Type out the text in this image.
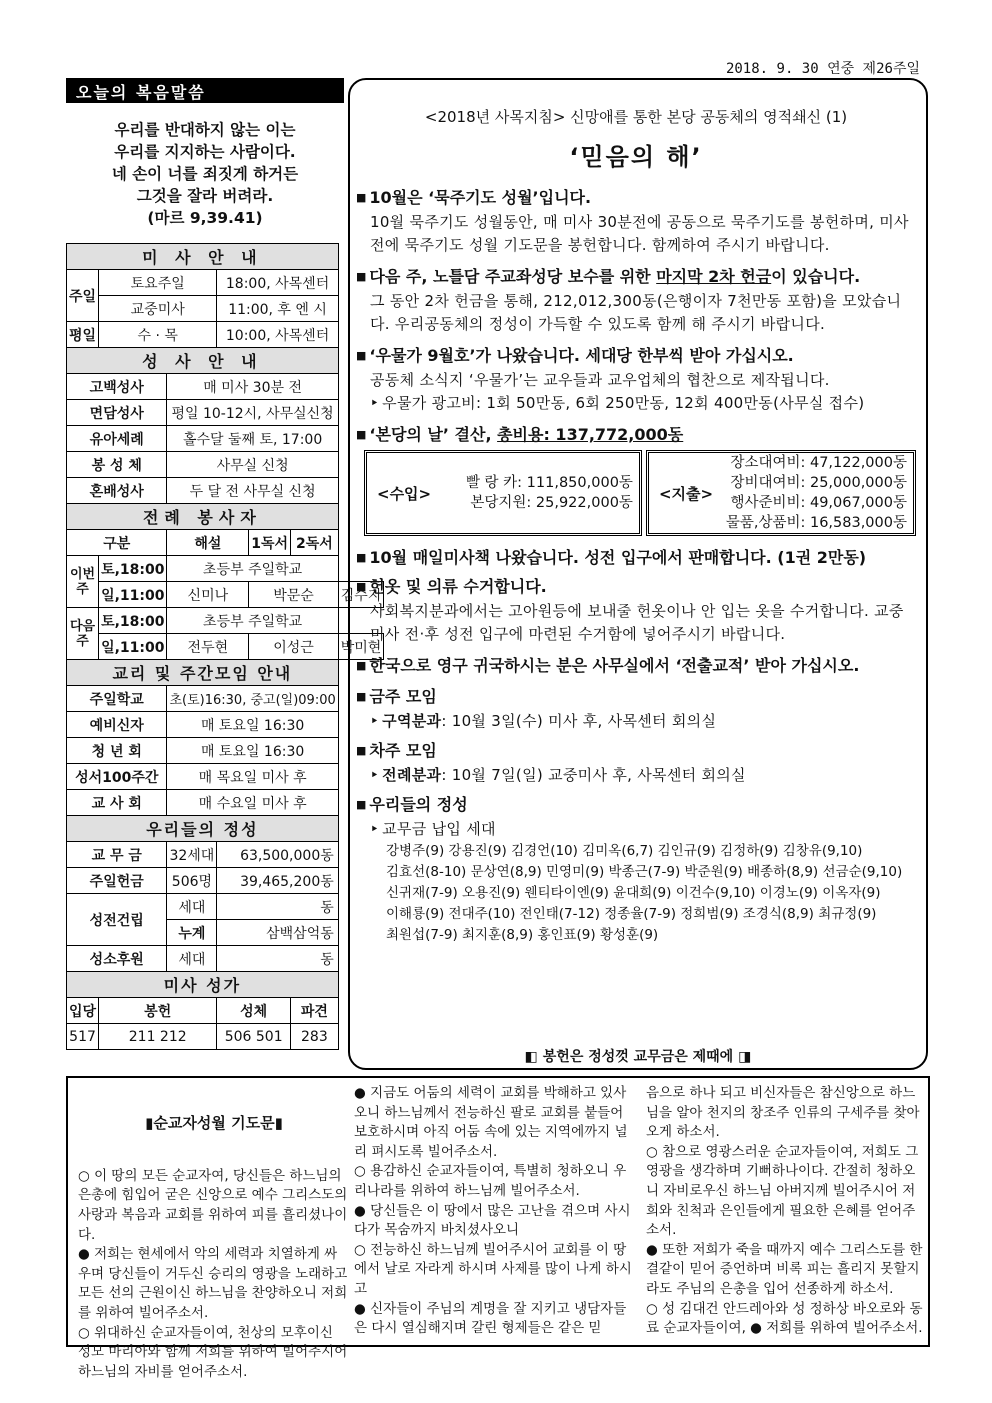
2018. 9. 30 연중 제26주일
오늘의 복음말씀
우리를 반대하지 않는 이는
우리를 지지하는 사람이다.
네 손이 너를 죄짓게 하거든
그것을 잘라 버려라.
(마르 9,39.41)
미 사 안 내						
주일	토요주일		18:00, 사목센터			
	교중미사		11:00, 후 엔 시			
평일	수 · 목		10:00, 사목센터			
성 사 안 내						
고백성사		매 미사 30분 전				
면담성사		평일 10-12시, 사무실신청				
유아세례		홀수달 둘째 토, 17:00				
봉 성 체		사무실 신청				
혼배성사		두 달 전 사무실 신청				
전례 봉사자						
구분		해설		1독서	2독서	
이번주	토,18:00	초등부 주일학교				
	일,11:00	신미나		박문순		김수지
다음주	토,18:00	초등부 주일학교				
	일,11:00	전두현		이성근		박미현
교리 및 주간모임 안내						
주일학교		초(토)16:30, 중고(일)09:00				
예비신자		매 토요일 16:30				
청 년 회		매 토요일 16:30				
성서100주간		매 목요일 미사 후				
교 사 회		매 수요일 미사 후				
우리들의 정성						
교 무 금		32세대	63,500,000동			
주일헌금		506명	39,465,200동			
성전건립		세대	동			
		누계	삼백삼억동			
성소후원		세대	동			
미사 성가						
입당	봉헌		성체		파견	
517	211 212		506 501		283	
<2018년 사목지침> 신망애를 통한 본당 공동체의 영적쇄신 (1)
‘믿음의 해’
■ 10월은 ‘묵주기도 성월’입니다.
10월 묵주기도 성월동안, 매 미사 30분전에 공동으로 묵주기도를 봉헌하며, 미사 전에 묵주기도 성월 기도문을 봉헌합니다. 함께하여 주시기 바랍니다.
■ 다음 주, 노틀담 주교좌성당 보수를 위한 마지막 2차 헌금이 있습니다.
그 동안 2차 헌금을 통해, 212,012,300동(은행이자 7천만동 포함)을 모았습니다. 우리공동체의 정성이 가득할 수 있도록 함께 해 주시기 바랍니다.
■ ‘우물가 9월호’가 나왔습니다. 세대당 한부씩 받아 가십시오.
공동체 소식지 ‘우물가’는 교우들과 교우업체의 협찬으로 제작됩니다.
‣ 우물가 광고비: 1회 50만동, 6회 250만동, 12회 400만동(사무실 접수)
■ ‘본당의 날’ 결산, 총비용: 137,772,000동
<수입>
빨 랑 카: 111,850,000동
본당지원: 25,922,000동
<지출>
장소대여비: 47,122,000동
장비대여비: 25,000,000동
행사준비비: 49,067,000동
물품,상품비: 16,583,000동
■ 10월 매일미사책 나왔습니다. 성전 입구에서 판매합니다. (1권 2만동)
■ 헌옷 및 의류 수거합니다.
사회복지분과에서는 고아원등에 보내줄 헌옷이나 안 입는 옷을 수거합니다. 교중 미사 전·후 성전 입구에 마련된 수거함에 넣어주시기 바랍니다.
■ 한국으로 영구 귀국하시는 분은 사무실에서 ‘전출교적’ 받아 가십시오.
■ 금주 모임
‣ 구역분과: 10월 3일(수) 미사 후, 사목센터 회의실
■ 차주 모임
‣ 전례분과: 10월 7일(일) 교중미사 후, 사목센터 회의실
■ 우리들의 정성
‣ 교무금 납입 세대
강병주(9) 강용진(9) 김경언(10) 김미옥(6,7) 김인규(9) 김정하(9) 김창유(9,10)
김효선(8-10) 문상연(8,9) 민영미(9) 박종근(7-9) 박준원(9) 배종하(8,9) 선금순(9,10)
신귀재(7-9) 오용진(9) 웬티타이엔(9) 윤대희(9) 이건수(9,10) 이경노(9) 이옥자(9)
이해룡(9) 전대주(10) 전인태(7-12) 정종율(7-9) 정희범(9) 조경식(8,9) 최규정(9)
최원섭(7-9) 최지훈(8,9) 홍인표(9) 황성훈(9)
◧ 봉헌은 정성껏 교무금은 제때에 ◨

▮순교자성월 기도문▮

○ 이 땅의 모든 순교자여, 당신들은 하느님의 은총에 힘입어 굳은 신앙으로 예수 그리스도의 사랑과 복음과 교회를 위하여 피를 흘리셨나이다.
● 저희는 현세에서 악의 세력과 치열하게 싸우며 당신들이 거두신 승리의 영광을 노래하고 모든 선의 근원이신 하느님을 찬양하오니 저희를 위하여 빌어주소서.
○ 위대하신 순교자들이여, 천상의 모후이신 성모 마리아와 함께 저희를 위하여 빌어주시어 하느님의 자비를 얻어주소서.

● 지금도 어둠의 세력이 교회를 박해하고 있사오니 하느님께서 전능하신 팔로 교회를 붙들어 보호하시며 아직 어둠 속에 있는 지역에까지 널리 펴시도록 빌어주소서.
○ 용감하신 순교자들이여, 특별히 청하오니 우리나라를 위하여 하느님께 빌어주소서.
● 당신들은 이 땅에서 많은 고난을 겪으며 사시다가 목숨까지 바치셨사오니
○ 전능하신 하느님께 빌어주시어 교회를 이 땅에서 날로 자라게 하시며 사제를 많이 나게 하시고
● 신자들이 주님의 계명을 잘 지키고 냉담자들은 다시 열심해지며 갈린 형제들은 같은 믿
음으로 하나 되고 비신자들은 참신앙으로 하느님을 알아 천지의 창조주 인류의 구세주를 찾아오게 하소서.
○ 참으로 영광스러운 순교자들이여, 저희도 그 영광을 생각하며 기뻐하나이다. 간절히 청하오니 자비로우신 하느님 아버지께 빌어주시어 저희와 친척과 은인들에게 필요한 은혜를 얻어주소서.
● 또한 저희가 죽을 때까지 예수 그리스도를 한결같이 믿어 증언하며 비록 피는 흘리지 못할지라도 주님의 은총을 입어 선종하게 하소서.
○ 성 김대건 안드레아와 성 정하상 바오로와 동료 순교자들이여, ● 저희를 위하여 빌어주소서.
